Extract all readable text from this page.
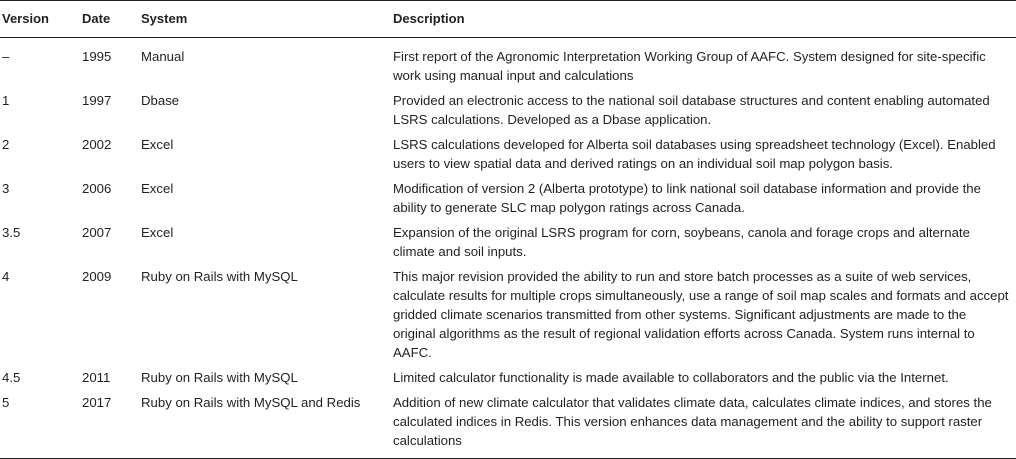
Version	Date	System	Description
–	1995	Manual	First report of the Agronomic Interpretation Working Group of AAFC. System designed for site-specific work using manual input and calculations
1	1997	Dbase	Provided an electronic access to the national soil database structures and content enabling automated LSRS calculations. Developed as a Dbase application.
2	2002	Excel	LSRS calculations developed for Alberta soil databases using spreadsheet technology (Excel). Enabled users to view spatial data and derived ratings on an individual soil map polygon basis.
3	2006	Excel	Modification of version 2 (Alberta prototype) to link national soil database information and provide the ability to generate SLC map polygon ratings across Canada.
3.5	2007	Excel	Expansion of the original LSRS program for corn, soybeans, canola and forage crops and alternate climate and soil inputs.
4	2009	Ruby on Rails with MySQL	This major revision provided the ability to run and store batch processes as a suite of web services, calculate results for multiple crops simultaneously, use a range of soil map scales and formats and accept gridded climate scenarios transmitted from other systems. Significant adjustments are made to the original algorithms as the result of regional validation efforts across Canada. System runs internal to AAFC.
4.5	2011	Ruby on Rails with MySQL	Limited calculator functionality is made available to collaborators and the public via the Internet.
5	2017	Ruby on Rails with MySQL and Redis	Addition of new climate calculator that validates climate data, calculates climate indices, and stores the calculated indices in Redis. This version enhances data management and the ability to support raster calculations
